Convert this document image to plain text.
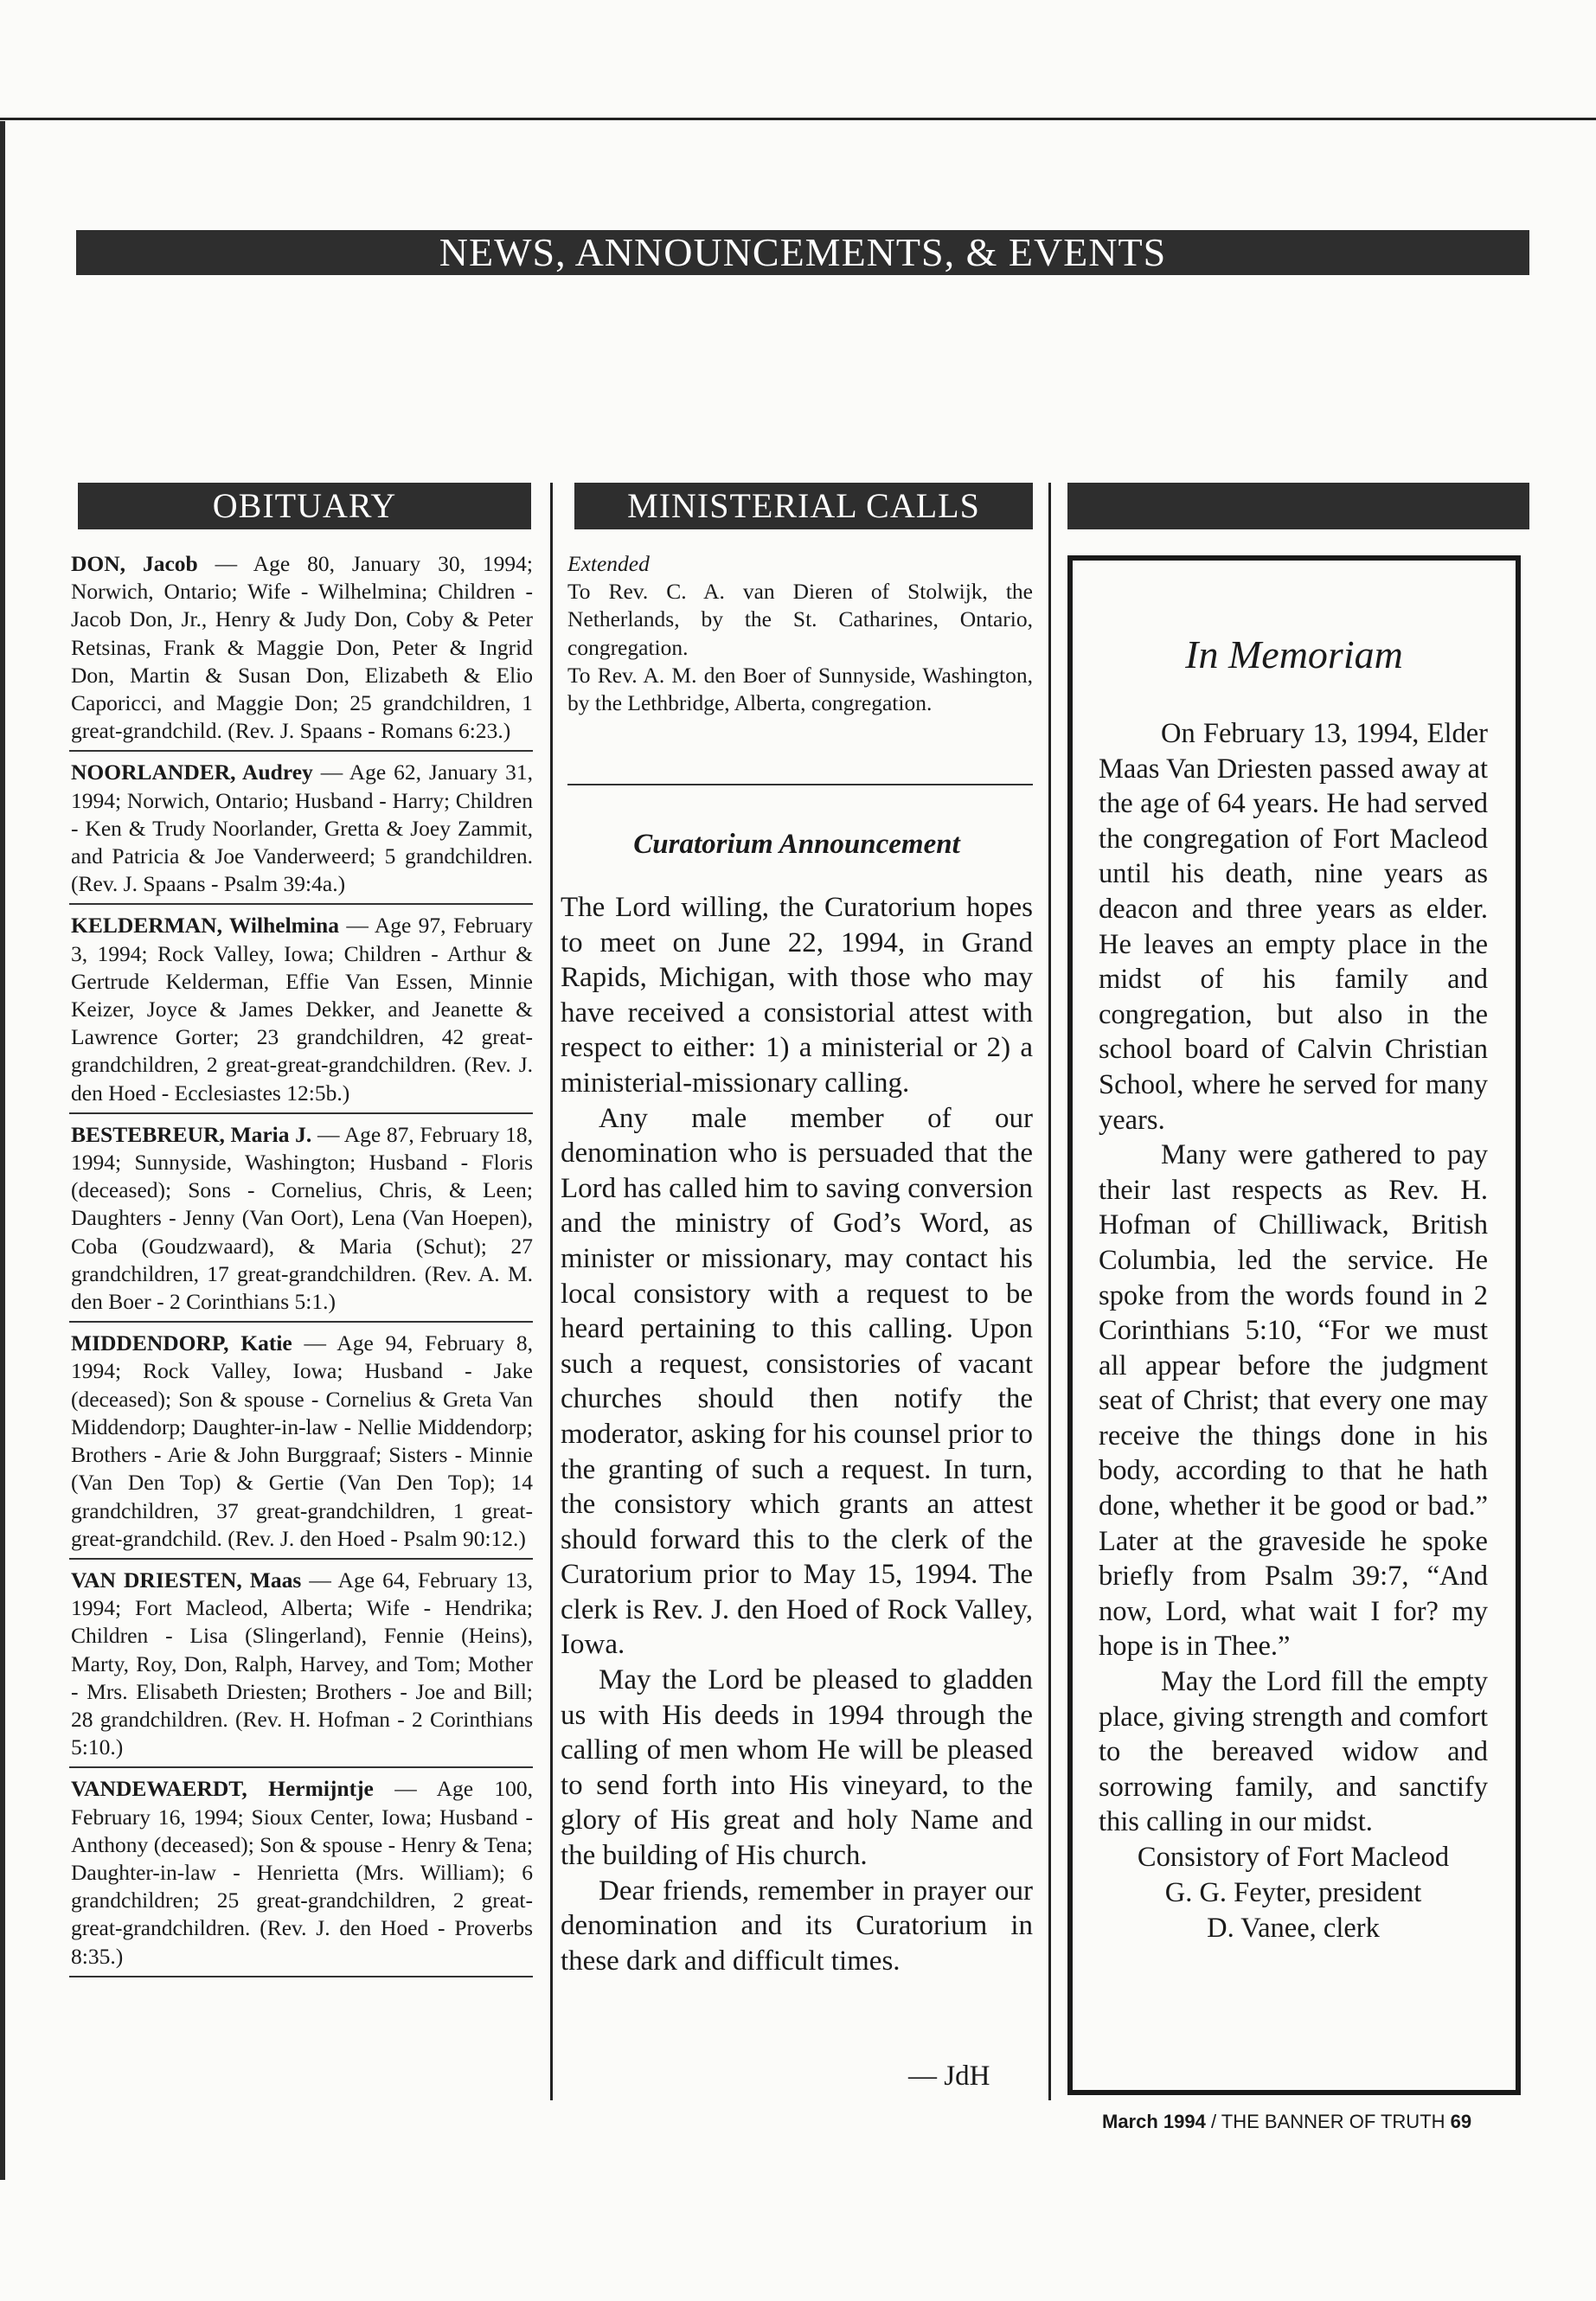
NEWS, ANNOUNCEMENTS, & EVENTS
OBITUARY	MINISTERIAL CALLS
DON, Jacob — Age 80, January 30, 1994; Norwich, Ontario; Wife - Wilhelmina; Children - Jacob Don, Jr., Henry & Judy Don, Coby & Peter Retsinas, Frank & Maggie Don, Peter & Ingrid Don, Martin & Susan Don, Elizabeth & Elio Caporicci, and Maggie Don; 25 grandchildren, 1 great-grandchild. (Rev. J. Spaans - Romans 6:23.)
NOORLANDER, Audrey — Age 62, January 31, 1994; Norwich, Ontario; Husband - Harry; Children - Ken & Trudy Noorlander, Gretta & Joey Zammit, and Patricia & Joe Vanderweerd; 5 grandchildren. (Rev. J. Spaans - Psalm 39:4a.)
KELDERMAN, Wilhelmina — Age 97, February 3, 1994; Rock Valley, Iowa; Children - Arthur & Gertrude Kelderman, Effie Van Essen, Minnie Keizer, Joyce & James Dekker, and Jeanette & Lawrence Gorter; 23 grandchildren, 42 great-grandchildren, 2 great-great-grandchildren. (Rev. J. den Hoed - Ecclesiastes 12:5b.)
BESTEBREUR, Maria J. — Age 87, February 18, 1994; Sunnyside, Washington; Husband - Floris (deceased); Sons - Cornelius, Chris, & Leen; Daughters - Jenny (Van Oort), Lena (Van Hoepen), Coba (Goudzwaard), & Maria (Schut); 27 grandchildren, 17 great-grandchildren. (Rev. A. M. den Boer - 2 Corinthians 5:1.)
MIDDENDORP, Katie — Age 94, February 8, 1994; Rock Valley, Iowa; Husband - Jake (deceased); Son & spouse - Cornelius & Greta Van Middendorp; Daughter-in-law - Nellie Middendorp; Brothers - Arie & John Burggraaf; Sisters - Minnie (Van Den Top) & Gertie (Van Den Top); 14 grandchildren, 37 great-grandchildren, 1 great-great-grandchild. (Rev. J. den Hoed - Psalm 90:12.)
VAN DRIESTEN, Maas — Age 64, February 13, 1994; Fort Macleod, Alberta; Wife - Hendrika; Children - Lisa (Slingerland), Fennie (Heins), Marty, Roy, Don, Ralph, Harvey, and Tom; Mother - Mrs. Elisabeth Driesten; Brothers - Joe and Bill; 28 grandchildren. (Rev. H. Hofman - 2 Corinthians 5:10.)
VANDEWAERDT, Hermijntje — Age 100, February 16, 1994; Sioux Center, Iowa; Husband - Anthony (deceased); Son & spouse - Henry & Tena; Daughter-in-law - Henrietta (Mrs. William); 6 grandchildren; 25 great-grandchildren, 2 great-great-grandchildren. (Rev. J. den Hoed - Proverbs 8:35.)

Extended

To Rev. C. A. van Dieren of Stolwijk, the Netherlands, by the St. Catharines, Ontario, congregation.

To Rev. A. M. den Boer of Sunnyside, Washington, by the Lethbridge, Alberta, congregation.

Curatorium Announcement

The Lord willing, the Curatorium hopes to meet on June 22, 1994, in Grand Rapids, Michigan, with those who may have received a consistorial attest with respect to either: 1) a ministerial or 2) a ministerial-missionary calling.

Any male member of our denomination who is persuaded that the Lord has called him to saving conversion and the ministry of God’s Word, as minister or missionary, may contact his local consistory with a request to be heard pertaining to this calling. Upon such a request, consistories of vacant churches should then notify the moderator, asking for his counsel prior to the granting of such a request. In turn, the consistory which grants an attest should forward this to the clerk of the Curatorium prior to May 15, 1994. The clerk is Rev. J. den Hoed of Rock Valley, Iowa.

May the Lord be pleased to gladden us with His deeds in 1994 through the calling of men whom He will be pleased to send forth into His vineyard, to the glory of His great and holy Name and the building of His church.

Dear friends, remember in prayer our denomination and its Curatorium in these dark and difficult times.

— JdH
In Memoriam

On February 13, 1994, Elder Maas Van Driesten passed away at the age of 64 years. He had served the congregation of Fort Macleod until his death, nine years as deacon and three years as elder. He leaves an empty place in the midst of his family and congregation, but also in the school board of Calvin Christian School, where he served for many years.

Many were gathered to pay their last respects as Rev. H. Hofman of Chilliwack, British Columbia, led the service. He spoke from the words found in 2 Corinthians 5:10, “For we must all appear before the judgment seat of Christ; that every one may receive the things done in his body, according to that he hath done, whether it be good or bad.” Later at the graveside he spoke briefly from Psalm 39:7, “And now, Lord, what wait I for? my hope is in Thee.”

May the Lord fill the empty place, giving strength and comfort to the bereaved widow and sorrowing family, and sanctify this calling in our midst.

Consistory of Fort Macleod
G. G. Feyter, president
D. Vanee, clerk
March 1994 / THE BANNER OF TRUTH 69
